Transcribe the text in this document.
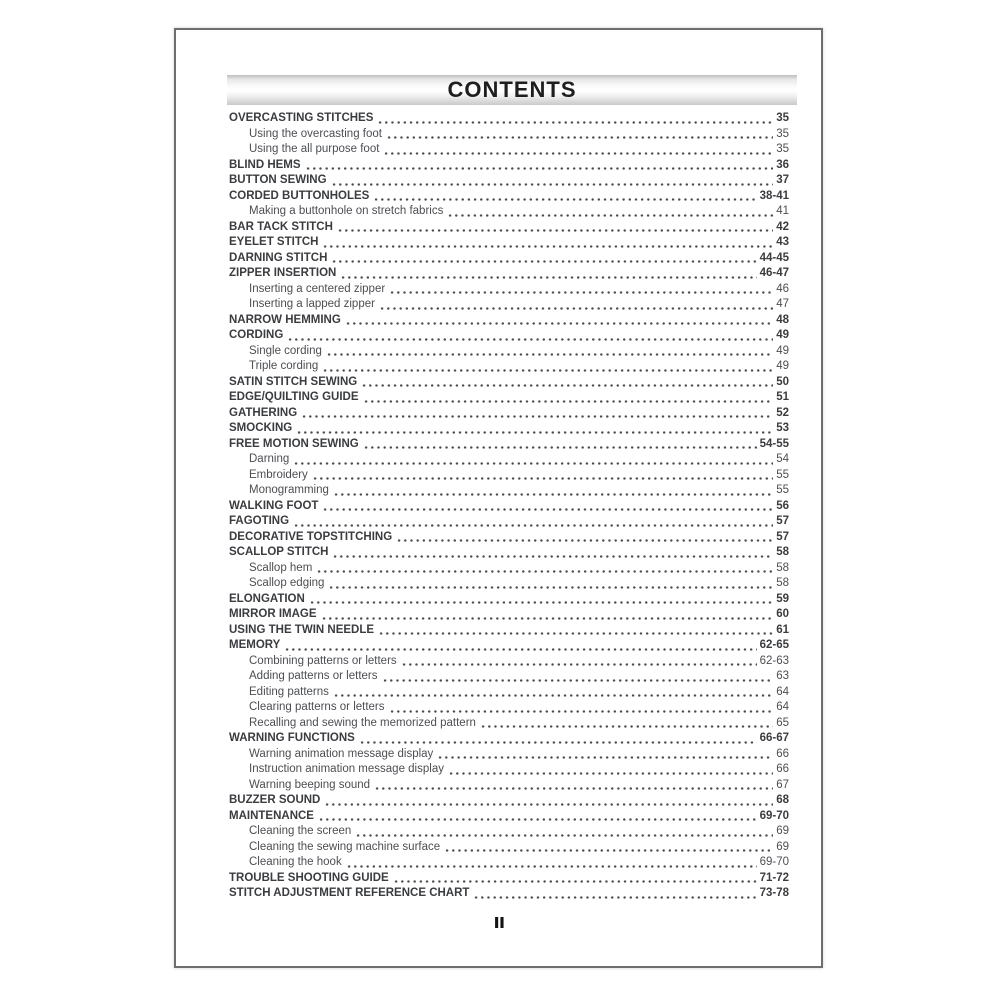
CONTENTS
OVERCASTING STITCHES	35
Using the overcasting foot	35
Using the all purpose foot	35
BLIND HEMS	36
BUTTON SEWING	37
CORDED BUTTONHOLES	38-41
Making a buttonhole on stretch fabrics	41
BAR TACK STITCH	42
EYELET STITCH	43
DARNING STITCH	44-45
ZIPPER INSERTION	46-47
Inserting a centered zipper	46
Inserting a lapped zipper	47
NARROW HEMMING	48
CORDING	49
Single cording	49
Triple cording	49
SATIN STITCH SEWING	50
EDGE/QUILTING GUIDE	51
GATHERING	52
SMOCKING	53
FREE MOTION SEWING	54-55
Darning	54
Embroidery	55
Monogramming	55
WALKING FOOT	56
FAGOTING	57
DECORATIVE TOPSTITCHING	57
SCALLOP STITCH	58
Scallop hem	58
Scallop edging	58
ELONGATION	59
MIRROR IMAGE	60
USING THE TWIN NEEDLE	61
MEMORY	62-65
Combining patterns or letters	62-63
Adding patterns or letters	63
Editing patterns	64
Clearing patterns or letters	64
Recalling and sewing the memorized pattern	65
WARNING FUNCTIONS	66-67
Warning animation message display	66
Instruction animation message display	66
Warning beeping sound	67
BUZZER SOUND	68
MAINTENANCE	69-70
Cleaning the screen	69
Cleaning the sewing machine surface	69
Cleaning the hook	69-70
TROUBLE SHOOTING GUIDE	71-72
STITCH ADJUSTMENT REFERENCE CHART	73-78
II
